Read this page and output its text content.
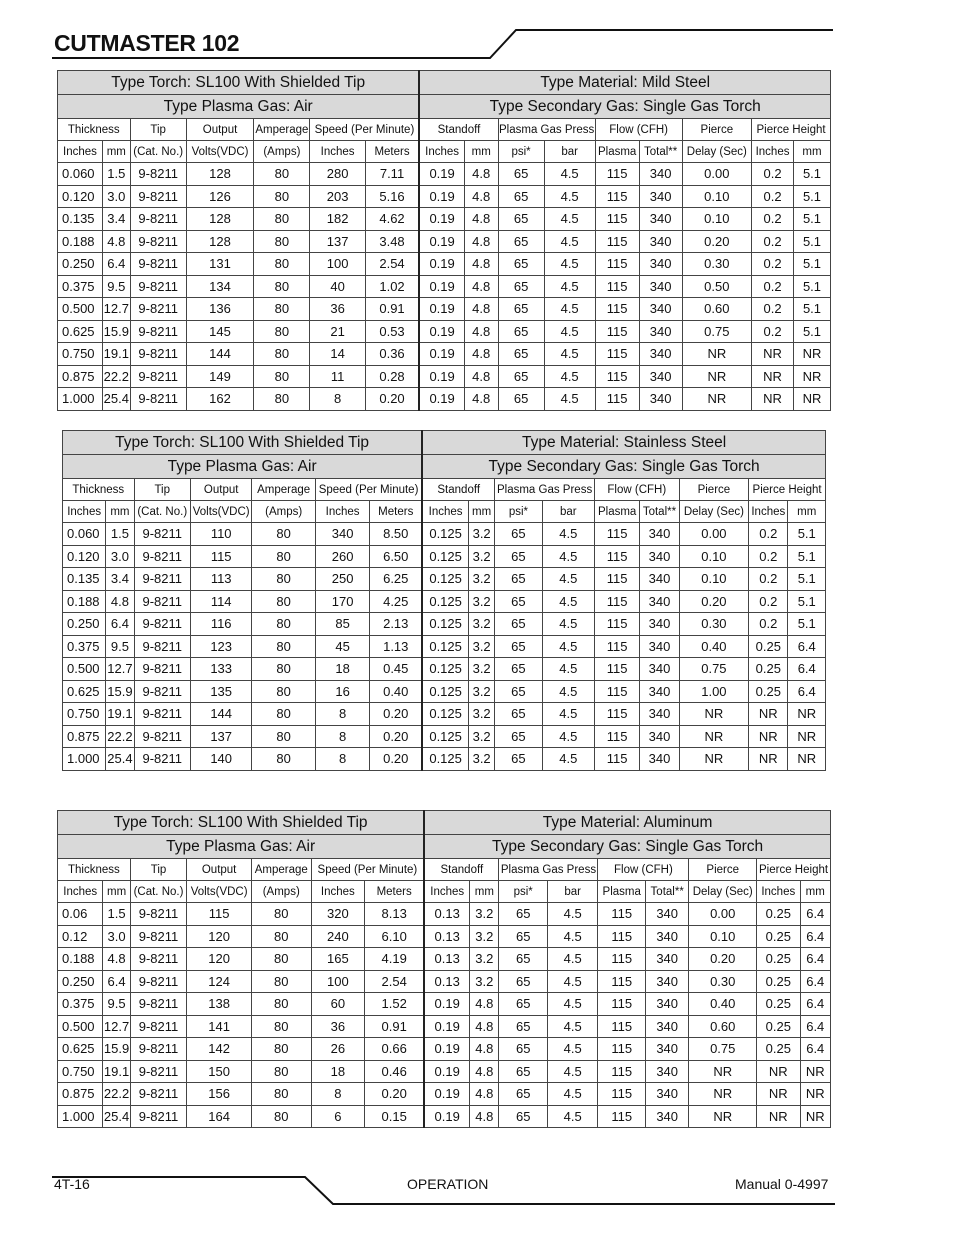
CUTMASTER 102
Type Torch: SL100 With Shielded Tip							Type Material: Mild Steel								
Type Plasma Gas: Air							Type Secondary Gas: Single Gas Torch								
Thickness		Tip	Output	Amperage	Speed (Per Minute)		Standoff		Plasma Gas Press		Flow (CFH)		Pierce	Pierce Height	
Inches	mm	(Cat. No.)	Volts(VDC)	(Amps)	Inches	Meters	Inches	mm	psi*	bar	Plasma	Total**	Delay (Sec)	Inches	mm
0.060	1.5	9-8211	128	80	280	7.11	0.19	4.8	65	4.5	115	340	0.00	0.2	5.1
0.120	3.0	9-8211	126	80	203	5.16	0.19	4.8	65	4.5	115	340	0.10	0.2	5.1
0.135	3.4	9-8211	128	80	182	4.62	0.19	4.8	65	4.5	115	340	0.10	0.2	5.1
0.188	4.8	9-8211	128	80	137	3.48	0.19	4.8	65	4.5	115	340	0.20	0.2	5.1
0.250	6.4	9-8211	131	80	100	2.54	0.19	4.8	65	4.5	115	340	0.30	0.2	5.1
0.375	9.5	9-8211	134	80	40	1.02	0.19	4.8	65	4.5	115	340	0.50	0.2	5.1
0.500	12.7	9-8211	136	80	36	0.91	0.19	4.8	65	4.5	115	340	0.60	0.2	5.1
0.625	15.9	9-8211	145	80	21	0.53	0.19	4.8	65	4.5	115	340	0.75	0.2	5.1
0.750	19.1	9-8211	144	80	14	0.36	0.19	4.8	65	4.5	115	340	NR	NR	NR
0.875	22.2	9-8211	149	80	11	0.28	0.19	4.8	65	4.5	115	340	NR	NR	NR
1.000	25.4	9-8211	162	80	8	0.20	0.19	4.8	65	4.5	115	340	NR	NR	NR
Type Torch: SL100 With Shielded Tip							Type Material: Stainless Steel								
Type Plasma Gas: Air							Type Secondary Gas: Single Gas Torch								
Thickness		Tip	Output	Amperage	Speed (Per Minute)		Standoff		Plasma Gas Press		Flow (CFH)		Pierce	Pierce Height	
Inches	mm	(Cat. No.)	Volts(VDC)	(Amps)	Inches	Meters	Inches	mm	psi*	bar	Plasma	Total**	Delay (Sec)	Inches	mm
0.060	1.5	9-8211	110	80	340	8.50	0.125	3.2	65	4.5	115	340	0.00	0.2	5.1
0.120	3.0	9-8211	115	80	260	6.50	0.125	3.2	65	4.5	115	340	0.10	0.2	5.1
0.135	3.4	9-8211	113	80	250	6.25	0.125	3.2	65	4.5	115	340	0.10	0.2	5.1
0.188	4.8	9-8211	114	80	170	4.25	0.125	3.2	65	4.5	115	340	0.20	0.2	5.1
0.250	6.4	9-8211	116	80	85	2.13	0.125	3.2	65	4.5	115	340	0.30	0.2	5.1
0.375	9.5	9-8211	123	80	45	1.13	0.125	3.2	65	4.5	115	340	0.40	0.25	6.4
0.500	12.7	9-8211	133	80	18	0.45	0.125	3.2	65	4.5	115	340	0.75	0.25	6.4
0.625	15.9	9-8211	135	80	16	0.40	0.125	3.2	65	4.5	115	340	1.00	0.25	6.4
0.750	19.1	9-8211	144	80	8	0.20	0.125	3.2	65	4.5	115	340	NR	NR	NR
0.875	22.2	9-8211	137	80	8	0.20	0.125	3.2	65	4.5	115	340	NR	NR	NR
1.000	25.4	9-8211	140	80	8	0.20	0.125	3.2	65	4.5	115	340	NR	NR	NR
Type Torch: SL100 With Shielded Tip							Type Material: Aluminum								
Type Plasma Gas: Air							Type Secondary Gas: Single Gas Torch								
Thickness		Tip	Output	Amperage	Speed (Per Minute)		Standoff		Plasma Gas Press		Flow (CFH)		Pierce	Pierce Height	
Inches	mm	(Cat. No.)	Volts(VDC)	(Amps)	Inches	Meters	Inches	mm	psi*	bar	Plasma	Total**	Delay (Sec)	Inches	mm
0.06	1.5	9-8211	115	80	320	8.13	0.13	3.2	65	4.5	115	340	0.00	0.25	6.4
0.12	3.0	9-8211	120	80	240	6.10	0.13	3.2	65	4.5	115	340	0.10	0.25	6.4
0.188	4.8	9-8211	120	80	165	4.19	0.13	3.2	65	4.5	115	340	0.20	0.25	6.4
0.250	6.4	9-8211	124	80	100	2.54	0.13	3.2	65	4.5	115	340	0.30	0.25	6.4
0.375	9.5	9-8211	138	80	60	1.52	0.19	4.8	65	4.5	115	340	0.40	0.25	6.4
0.500	12.7	9-8211	141	80	36	0.91	0.19	4.8	65	4.5	115	340	0.60	0.25	6.4
0.625	15.9	9-8211	142	80	26	0.66	0.19	4.8	65	4.5	115	340	0.75	0.25	6.4
0.750	19.1	9-8211	150	80	18	0.46	0.19	4.8	65	4.5	115	340	NR	NR	NR
0.875	22.2	9-8211	156	80	8	0.20	0.19	4.8	65	4.5	115	340	NR	NR	NR
1.000	25.4	9-8211	164	80	6	0.15	0.19	4.8	65	4.5	115	340	NR	NR	NR
4T-16	OPERATION	Manual 0-4997
